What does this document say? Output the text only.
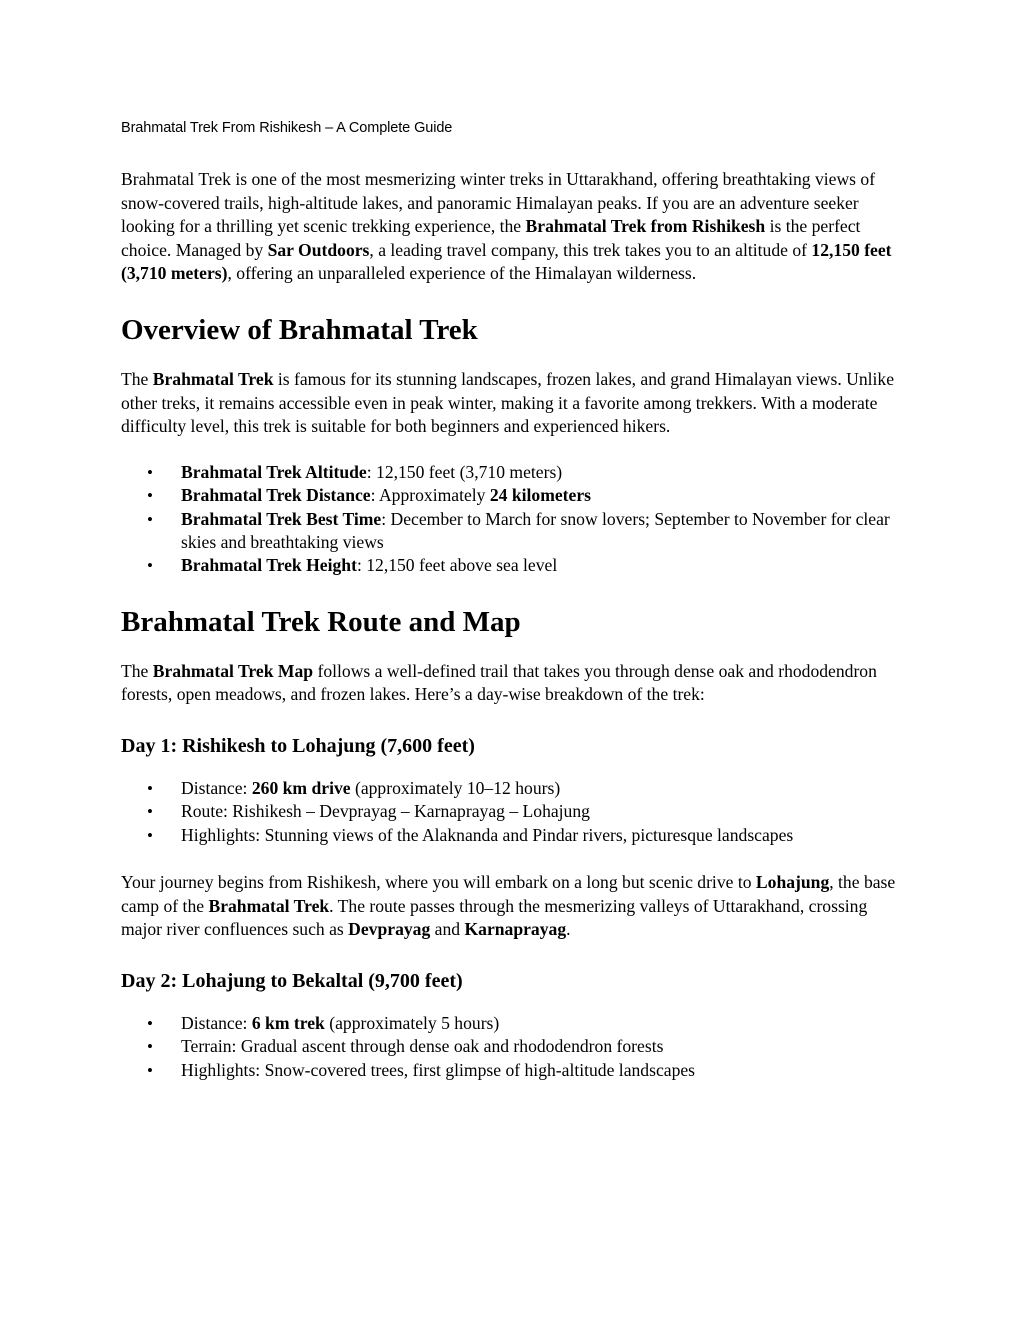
Brahmatal Trek From Rishikesh – A Complete Guide

Brahmatal Trek is one of the most mesmerizing winter treks in Uttarakhand, offering breathtaking views of snow-covered trails, high-altitude lakes, and panoramic Himalayan peaks. If you are an adventure seeker looking for a thrilling yet scenic trekking experience, the Brahmatal Trek from Rishikesh is the perfect choice. Managed by Sar Outdoors, a leading travel company, this trek takes you to an altitude of 12,150 feet (3,710 meters), offering an unparalleled experience of the Himalayan wilderness.

Overview of Brahmatal Trek

The Brahmatal Trek is famous for its stunning landscapes, frozen lakes, and grand Himalayan views. Unlike other treks, it remains accessible even in peak winter, making it a favorite among trekkers. With a moderate difficulty level, this trek is suitable for both beginners and experienced hikers.

• Brahmatal Trek Altitude: 12,150 feet (3,710 meters)
• Brahmatal Trek Distance: Approximately 24 kilometers
• Brahmatal Trek Best Time: December to March for snow lovers; September to November for clear skies and breathtaking views
• Brahmatal Trek Height: 12,150 feet above sea level
Brahmatal Trek Route and Map

The Brahmatal Trek Map follows a well-defined trail that takes you through dense oak and rhododendron forests, open meadows, and frozen lakes. Here’s a day-wise breakdown of the trek:

Day 1: Rishikesh to Lohajung (7,600 feet)
• Distance: 260 km drive (approximately 10–12 hours)
• Route: Rishikesh – Devprayag – Karnaprayag – Lohajung
• Highlights: Stunning views of the Alaknanda and Pindar rivers, picturesque landscapes

Your journey begins from Rishikesh, where you will embark on a long but scenic drive to Lohajung, the base camp of the Brahmatal Trek. The route passes through the mesmerizing valleys of Uttarakhand, crossing major river confluences such as Devprayag and Karnaprayag.

Day 2: Lohajung to Bekaltal (9,700 feet)
• Distance: 6 km trek (approximately 5 hours)
• Terrain: Gradual ascent through dense oak and rhododendron forests
• Highlights: Snow-covered trees, first glimpse of high-altitude landscapes
